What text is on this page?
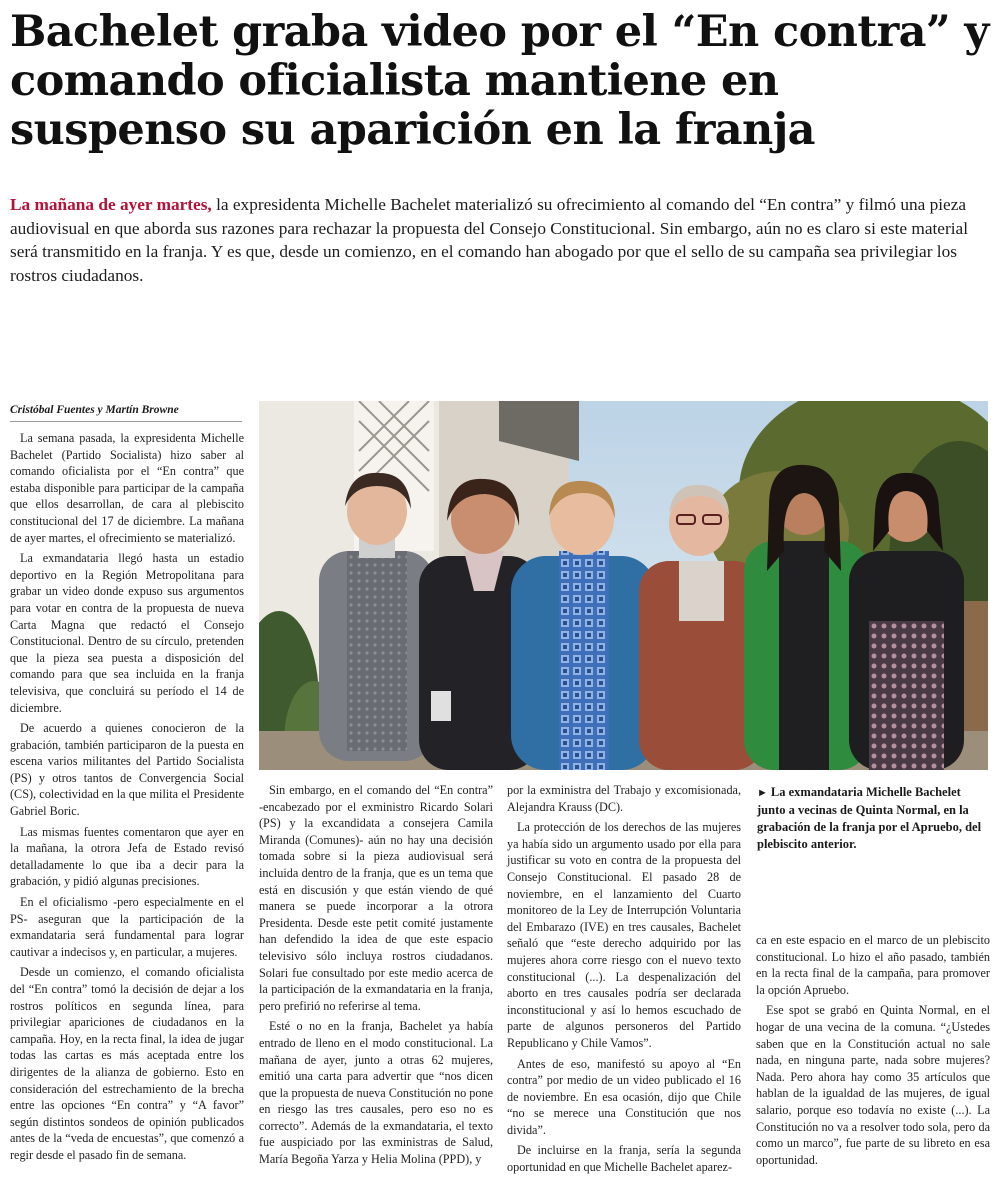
Bachelet graba video por el “En contra” y comando oficialista mantiene en suspenso su aparición en la franja

La mañana de ayer martes, la expresidenta Michelle Bachelet materializó su ofrecimiento al comando del “En contra” y filmó una pieza audiovisual en que aborda sus razones para rechazar la propuesta del Consejo Constitucional. Sin embargo, aún no es claro si este material será transmitido en la franja. Y es que, desde un comienzo, en el comando han abogado por que el sello de su campaña sea privilegiar los rostros ciudadanos.

Cristóbal Fuentes y Martín Browne

La semana pasada, la expresidenta Michelle Bachelet (Partido Socialista) hizo saber al comando oficialista por el “En contra” que estaba disponible para participar de la campaña que ellos desarrollan, de cara al plebiscito constitucional del 17 de diciembre. La mañana de ayer martes, el ofrecimiento se materializó.

La exmandataria llegó hasta un estadio deportivo en la Región Metropolitana para grabar un video donde expuso sus argumentos para votar en contra de la propuesta de nueva Carta Magna que redactó el Consejo Constitucional. Dentro de su círculo, pretenden que la pieza sea puesta a disposición del comando para que sea incluida en la franja televisiva, que concluirá su período el 14 de diciembre.

De acuerdo a quienes conocieron de la grabación, también participaron de la puesta en escena varios militantes del Partido Socialista (PS) y otros tantos de Convergencia Social (CS), colectividad en la que milita el Presidente Gabriel Boric.

Las mismas fuentes comentaron que ayer en la mañana, la otrora Jefa de Estado revisó detalladamente lo que iba a decir para la grabación, y pidió algunas precisiones.

En el oficialismo -pero especialmente en el PS- aseguran que la participación de la exmandataria será fundamental para lograr cautivar a indecisos y, en particular, a mujeres.

Desde un comienzo, el comando oficialista del “En contra” tomó la decisión de dejar a los rostros políticos en segunda línea, para privilegiar apariciones de ciudadanos en la campaña. Hoy, en la recta final, la idea de jugar todas las cartas es más aceptada entre los dirigentes de la alianza de gobierno. Esto en consideración del estrechamiento de la brecha entre las opciones “En contra” y “A favor” según distintos sondeos de opinión publicados antes de la “veda de encuestas”, que comenzó a regir desde el pasado fin de semana.

► La exmandataria Michelle Bachelet junto a vecinas de Quinta Normal, en la grabación de la franja por el Apruebo, del plebiscito anterior.

Sin embargo, en el comando del “En contra” -encabezado por el exministro Ricardo Solari (PS) y la excandidata a consejera Camila Miranda (Comunes)- aún no hay una decisión tomada sobre si la pieza audiovisual será incluida dentro de la franja, que es un tema que está en discusión y que están viendo de qué manera se puede incorporar a la otrora Presidenta. Desde este petit comité justamente han defendido la idea de que este espacio televisivo sólo incluya rostros ciudadanos. Solari fue consultado por este medio acerca de la participación de la exmandataria en la franja, pero prefirió no referirse al tema.

Esté o no en la franja, Bachelet ya había entrado de lleno en el modo constitucional. La mañana de ayer, junto a otras 62 mujeres, emitió una carta para advertir que “nos dicen que la propuesta de nueva Constitución no pone en riesgo las tres causales, pero eso no es correcto”. Además de la exmandataria, el texto fue auspiciado por las exministras de Salud, María Begoña Yarza y Helia Molina (PPD), y

por la exministra del Trabajo y excomisionada, Alejandra Krauss (DC).

La protección de los derechos de las mujeres ya había sido un argumento usado por ella para justificar su voto en contra de la propuesta del Consejo Constitucional. El pasado 28 de noviembre, en el lanzamiento del Cuarto monitoreo de la Ley de Interrupción Voluntaria del Embarazo (IVE) en tres causales, Bachelet señaló que “este derecho adquirido por las mujeres ahora corre riesgo con el nuevo texto constitucional (...). La despenalización del aborto en tres causales podría ser declarada inconstitucional y así lo hemos escuchado de parte de algunos personeros del Partido Republicano y Chile Vamos”.

Antes de eso, manifestó su apoyo al “En contra” por medio de un video publicado el 16 de noviembre. En esa ocasión, dijo que Chile “no se merece una Constitución que nos divida”.

De incluirse en la franja, sería la segunda oportunidad en que Michelle Bachelet aparez-

ca en este espacio en el marco de un plebiscito constitucional. Lo hizo el año pasado, también en la recta final de la campaña, para promover la opción Apruebo.

Ese spot se grabó en Quinta Normal, en el hogar de una vecina de la comuna. “¿Ustedes saben que en la Constitución actual no sale nada, en ninguna parte, nada sobre mujeres? Nada. Pero ahora hay como 35 artículos que hablan de la igualdad de las mujeres, de igual salario, porque eso todavía no existe (...). La Constitución no va a resolver todo sola, pero da como un marco”, fue parte de su libreto en esa oportunidad.
